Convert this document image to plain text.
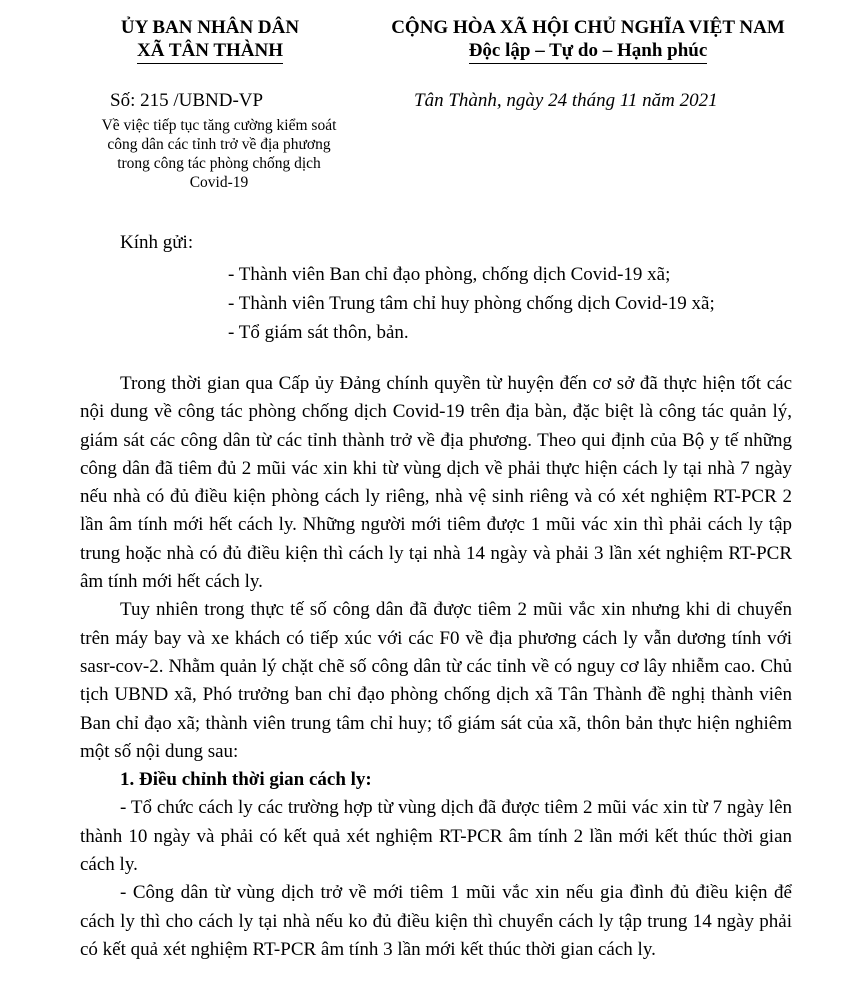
ỦY BAN NHÂN DÂN
XÃ TÂN THÀNH
CỘNG HÒA XÃ HỘI CHỦ NGHĨA VIỆT NAM
Độc lập – Tự do – Hạnh phúc
Số: 215 /UBND-VP	Tân Thành, ngày 24 tháng 11 năm 2021
Về việc tiếp tục tăng cường kiểm soát
công dân các tỉnh trở về địa phương
trong công tác phòng chống dịch
Covid-19
Kính gửi:
- Thành viên Ban chỉ đạo phòng, chống dịch Covid-19 xã;
- Thành viên Trung tâm chỉ huy phòng chống dịch Covid-19 xã;
- Tổ giám sát thôn, bản.

Trong thời gian qua Cấp ủy Đảng chính quyền từ huyện đến cơ sở đã thực hiện tốt các nội dung về công tác phòng chống dịch Covid-19 trên địa bàn, đặc biệt là công tác quản lý, giám sát các công dân từ các tỉnh thành trở về địa phương. Theo qui định của Bộ y tế những công dân đã tiêm đủ 2 mũi vác xin khi từ vùng dịch về phải thực hiện cách ly tại nhà 7 ngày nếu nhà có đủ điều kiện phòng cách ly riêng, nhà vệ sinh riêng và có xét nghiệm RT-PCR 2 lần âm tính mới hết cách ly. Những người mới tiêm được 1 mũi vác xin thì phải cách ly tập trung hoặc nhà có đủ điều kiện thì cách ly tại nhà 14 ngày và phải 3 lần xét nghiệm RT-PCR âm tính mới hết cách ly.

Tuy nhiên trong thực tế số công dân đã được tiêm 2 mũi vắc xin nhưng khi di chuyển trên máy bay và xe khách có tiếp xúc với các F0 về địa phương cách ly vẫn dương tính với sasr-cov-2. Nhằm quản lý chặt chẽ số công dân từ các tỉnh về có nguy cơ lây nhiễm cao. Chủ tịch UBND xã, Phó trưởng ban chỉ đạo phòng chống dịch xã Tân Thành đề nghị thành viên Ban chỉ đạo xã; thành viên trung tâm chỉ huy; tổ giám sát của xã, thôn bản thực hiện nghiêm một số nội dung sau:

1. Điều chỉnh thời gian cách ly:

- Tổ chức cách ly các trường hợp từ vùng dịch đã được tiêm 2 mũi vác xin từ 7 ngày lên thành 10 ngày và phải có kết quả xét nghiệm RT-PCR âm tính 2 lần mới kết thúc thời gian cách ly.

- Công dân từ vùng dịch trở về mới tiêm 1 mũi vắc xin nếu gia đình đủ điều kiện để cách ly thì cho cách ly tại nhà nếu ko đủ điều kiện thì chuyển cách ly tập trung 14 ngày phải có kết quả xét nghiệm RT-PCR âm tính 3 lần mới kết thúc thời gian cách ly.
